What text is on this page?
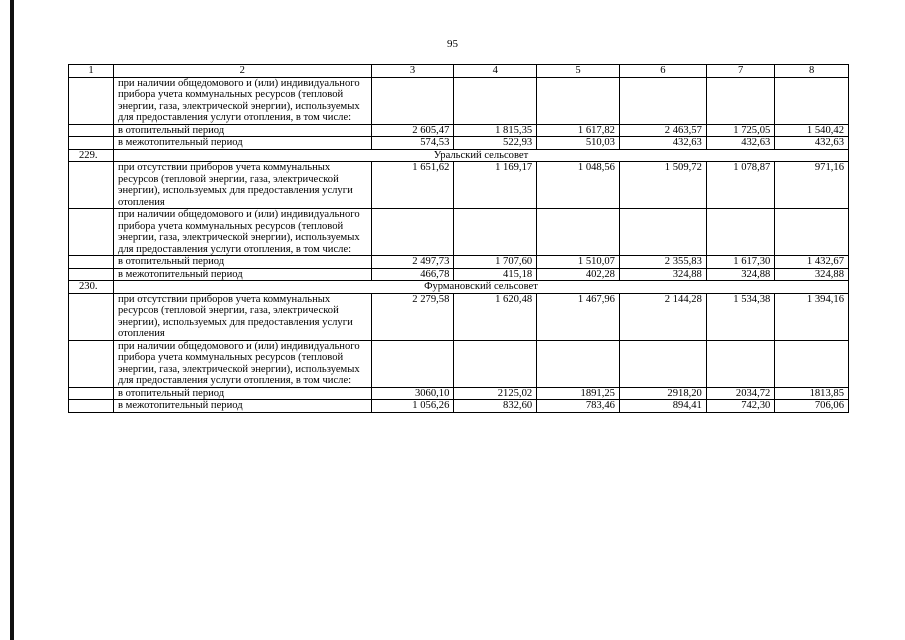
95
1	2	3	4	5	6	7	8
	при наличии общедомового и (или) индивидуального прибора учета коммунальных ресурсов (тепловой энергии, газа, электрической энергии), используемых для предоставления услуги отопления, в том числе:						
	в отопительный период	2 605,47	1 815,35	1 617,82	2 463,57	1 725,05	1 540,42
	в межотопительный период	574,53	522,93	510,03	432,63	432,63	432,63
229.	Уральский сельсовет						
	при отсутствии приборов учета коммунальных ресурсов (тепловой энергии, газа, электрической энергии), используемых для предоставления услуги отопления	1 651,62	1 169,17	1 048,56	1 509,72	1 078,87	971,16
	при наличии общедомового и (или) индивидуального прибора учета коммунальных ресурсов (тепловой энергии, газа, электрической энергии), используемых для предоставления услуги отопления, в том числе:						
	в отопительный период	2 497,73	1 707,60	1 510,07	2 355,83	1 617,30	1 432,67
	в межотопительный период	466,78	415,18	402,28	324,88	324,88	324,88
230.	Фурмановский сельсовет						
	при отсутствии приборов учета коммунальных ресурсов (тепловой энергии, газа, электрической энергии), используемых для предоставления услуги отопления	2 279,58	1 620,48	1 467,96	2 144,28	1 534,38	1 394,16
	при наличии общедомового и (или) индивидуального прибора учета коммунальных ресурсов (тепловой энергии, газа, электрической энергии), используемых для предоставления услуги отопления, в том числе:						
	в отопительный период	3060,10	2125,02	1891,25	2918,20	2034,72	1813,85
	в межотопительный период	1 056,26	832,60	783,46	894,41	742,30	706,06
